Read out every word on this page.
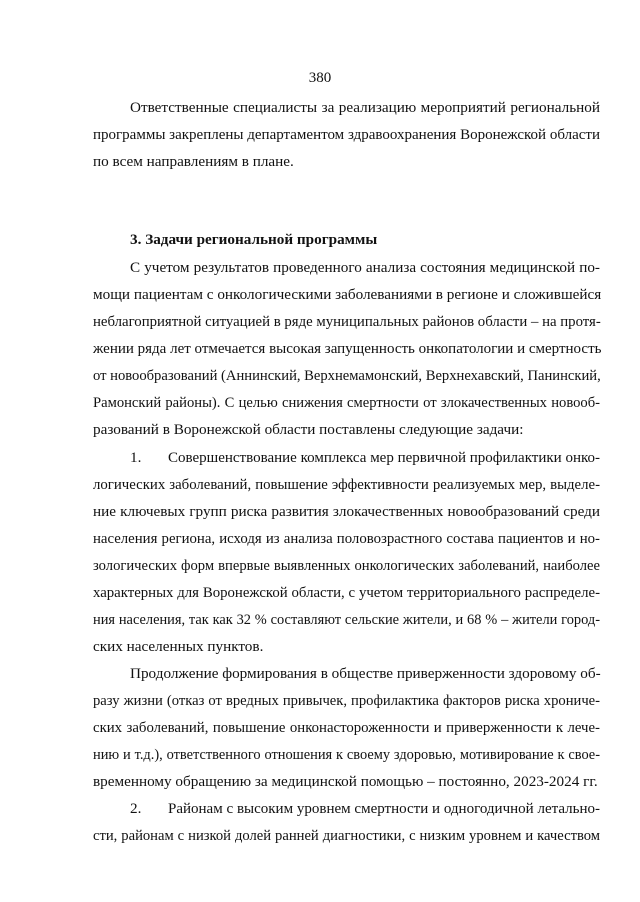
380
Ответственные специалисты за реализацию мероприятий региональной
программы закреплены департаментом здравоохранения Воронежской области
по всем направлениям в плане.
3. Задачи региональной программы
С учетом результатов проведенного анализа состояния медицинской по-
мощи пациентам с онкологическими заболеваниями в регионе и сложившейся
неблагоприятной ситуацией в ряде муниципальных районов области – на протя-
жении ряда лет отмечается высокая запущенность онкопатологии и смертность
от новообразований (Аннинский, Верхнемамонский, Верхнехавский, Панинский,
Рамонский районы). С целью снижения смертности от злокачественных новооб-
разований в Воронежской области поставлены следующие задачи:
1. Совершенствование комплекса мер первичной профилактики онко-
логических заболеваний, повышение эффективности реализуемых мер, выделе-
ние ключевых групп риска развития злокачественных новообразований среди
населения региона, исходя из анализа половозрастного состава пациентов и но-
зологических форм впервые выявленных онкологических заболеваний, наиболее
характерных для Воронежской области, с учетом территориального распределе-
ния населения, так как 32 % составляют сельские жители, и 68 % – жители город-
ских населенных пунктов.
Продолжение формирования в обществе приверженности здоровому об-
разу жизни (отказ от вредных привычек, профилактика факторов риска хрониче-
ских заболеваний, повышение онконастороженности и приверженности к лече-
нию и т.д.), ответственного отношения к своему здоровью, мотивирование к свое-
временному обращению за медицинской помощью – постоянно, 2023-2024 гг.
2. Районам с высоким уровнем смертности и одногодичной летально-
сти, районам с низкой долей ранней диагностики, с низким уровнем и качеством
